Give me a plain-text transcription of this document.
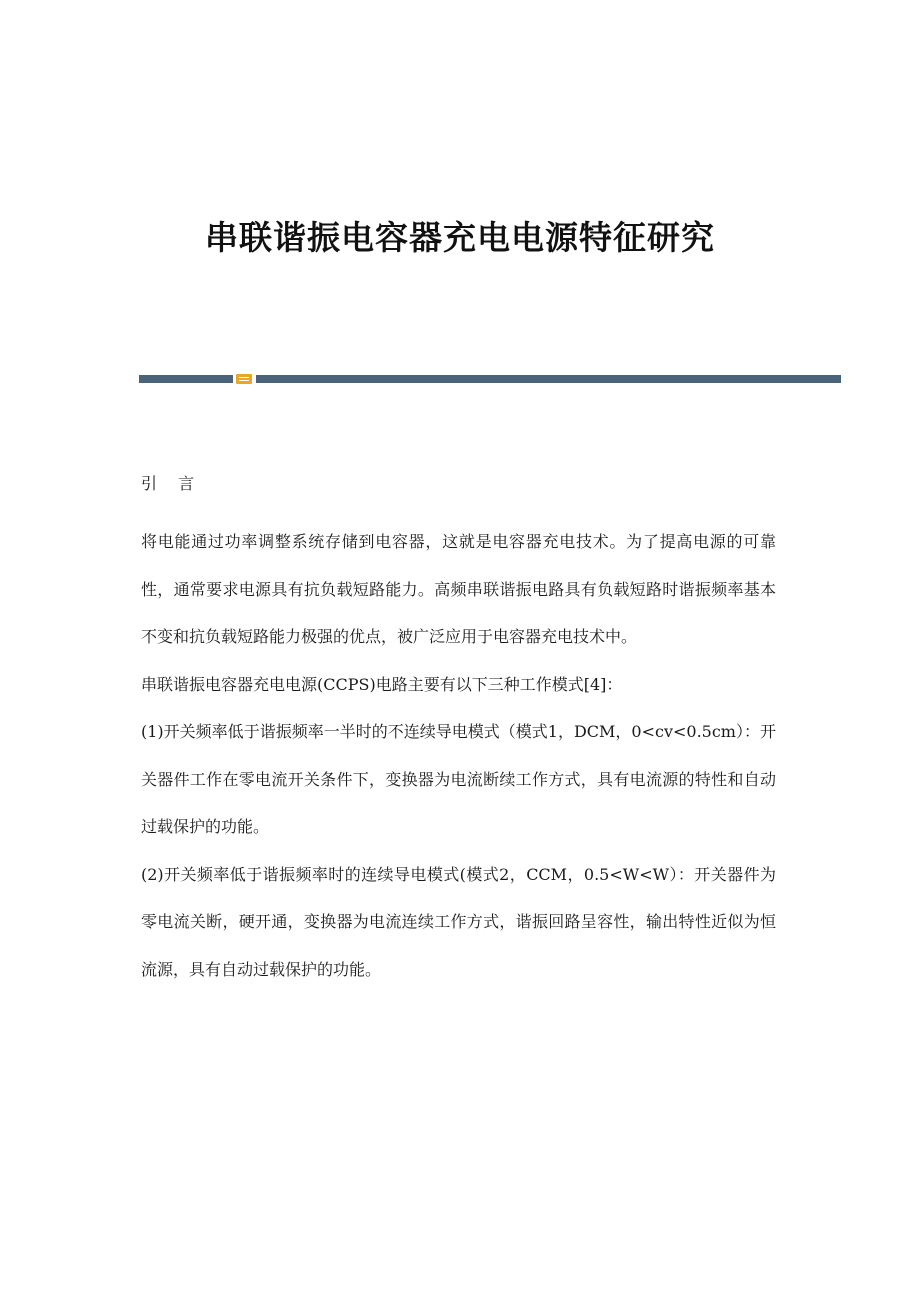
串联谐振电容器充电电源特征研究

引 言

将电能通过功率调整系统存储到电容器，这就是电容器充电技术。为了提高电源的可靠性，通常要求电源具有抗负载短路能力。高频串联谐振电路具有负载短路时谐振频率基本不变和抗负载短路能力极强的优点，被广泛应用于电容器充电技术中。

串联谐振电容器充电电源(CCPS)电路主要有以下三种工作模式[4]：

(1)开关频率低于谐振频率一半时的不连续导电模式（模式1，DCM，0<cv<0.5cm）：开关器件工作在零电流开关条件下，变换器为电流断续工作方式，具有电流源的特性和自动过载保护的功能。

(2)开关频率低于谐振频率时的连续导电模式(模式2，CCM，0.5<W<W）：开关器件为零电流关断，硬开通，变换器为电流连续工作方式，谐振回路呈容性，输出特性近似为恒流源，具有自动过载保护的功能。
